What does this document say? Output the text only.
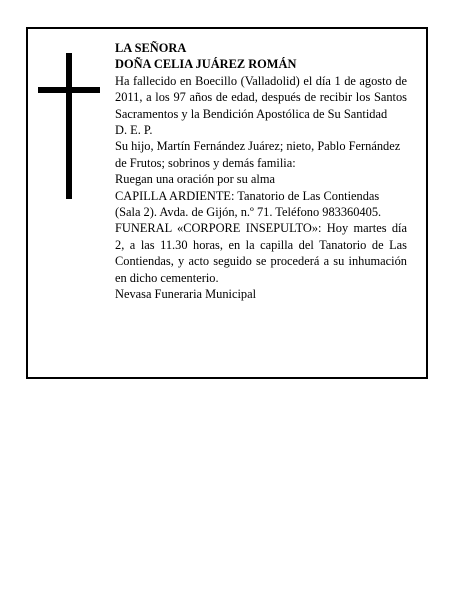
LA SEÑORA

DOÑA CELIA JUÁREZ ROMÁN

Ha fallecido en Boecillo (Valladolid) el día 1 de agosto de 2011, a los 97 años de edad, después de recibir los Santos Sacramentos y la Bendición Apostólica de Su Santidad

D. E. P.

Su hijo, Martín Fernández Juárez; nieto, Pablo Fernández de Frutos; sobrinos y demás familia:

Ruegan una oración por su alma

CAPILLA ARDIENTE: Tanatorio de Las Contiendas (Sala 2). Avda. de Gijón, n.º 71. Teléfono 983360405.

FUNERAL «CORPORE INSEPULTO»: Hoy martes día 2, a las 11.30 horas, en la capilla del Tanatorio de Las Contiendas, y acto seguido se procederá a su inhumación en dicho cementerio.

Nevasa Funeraria Municipal
